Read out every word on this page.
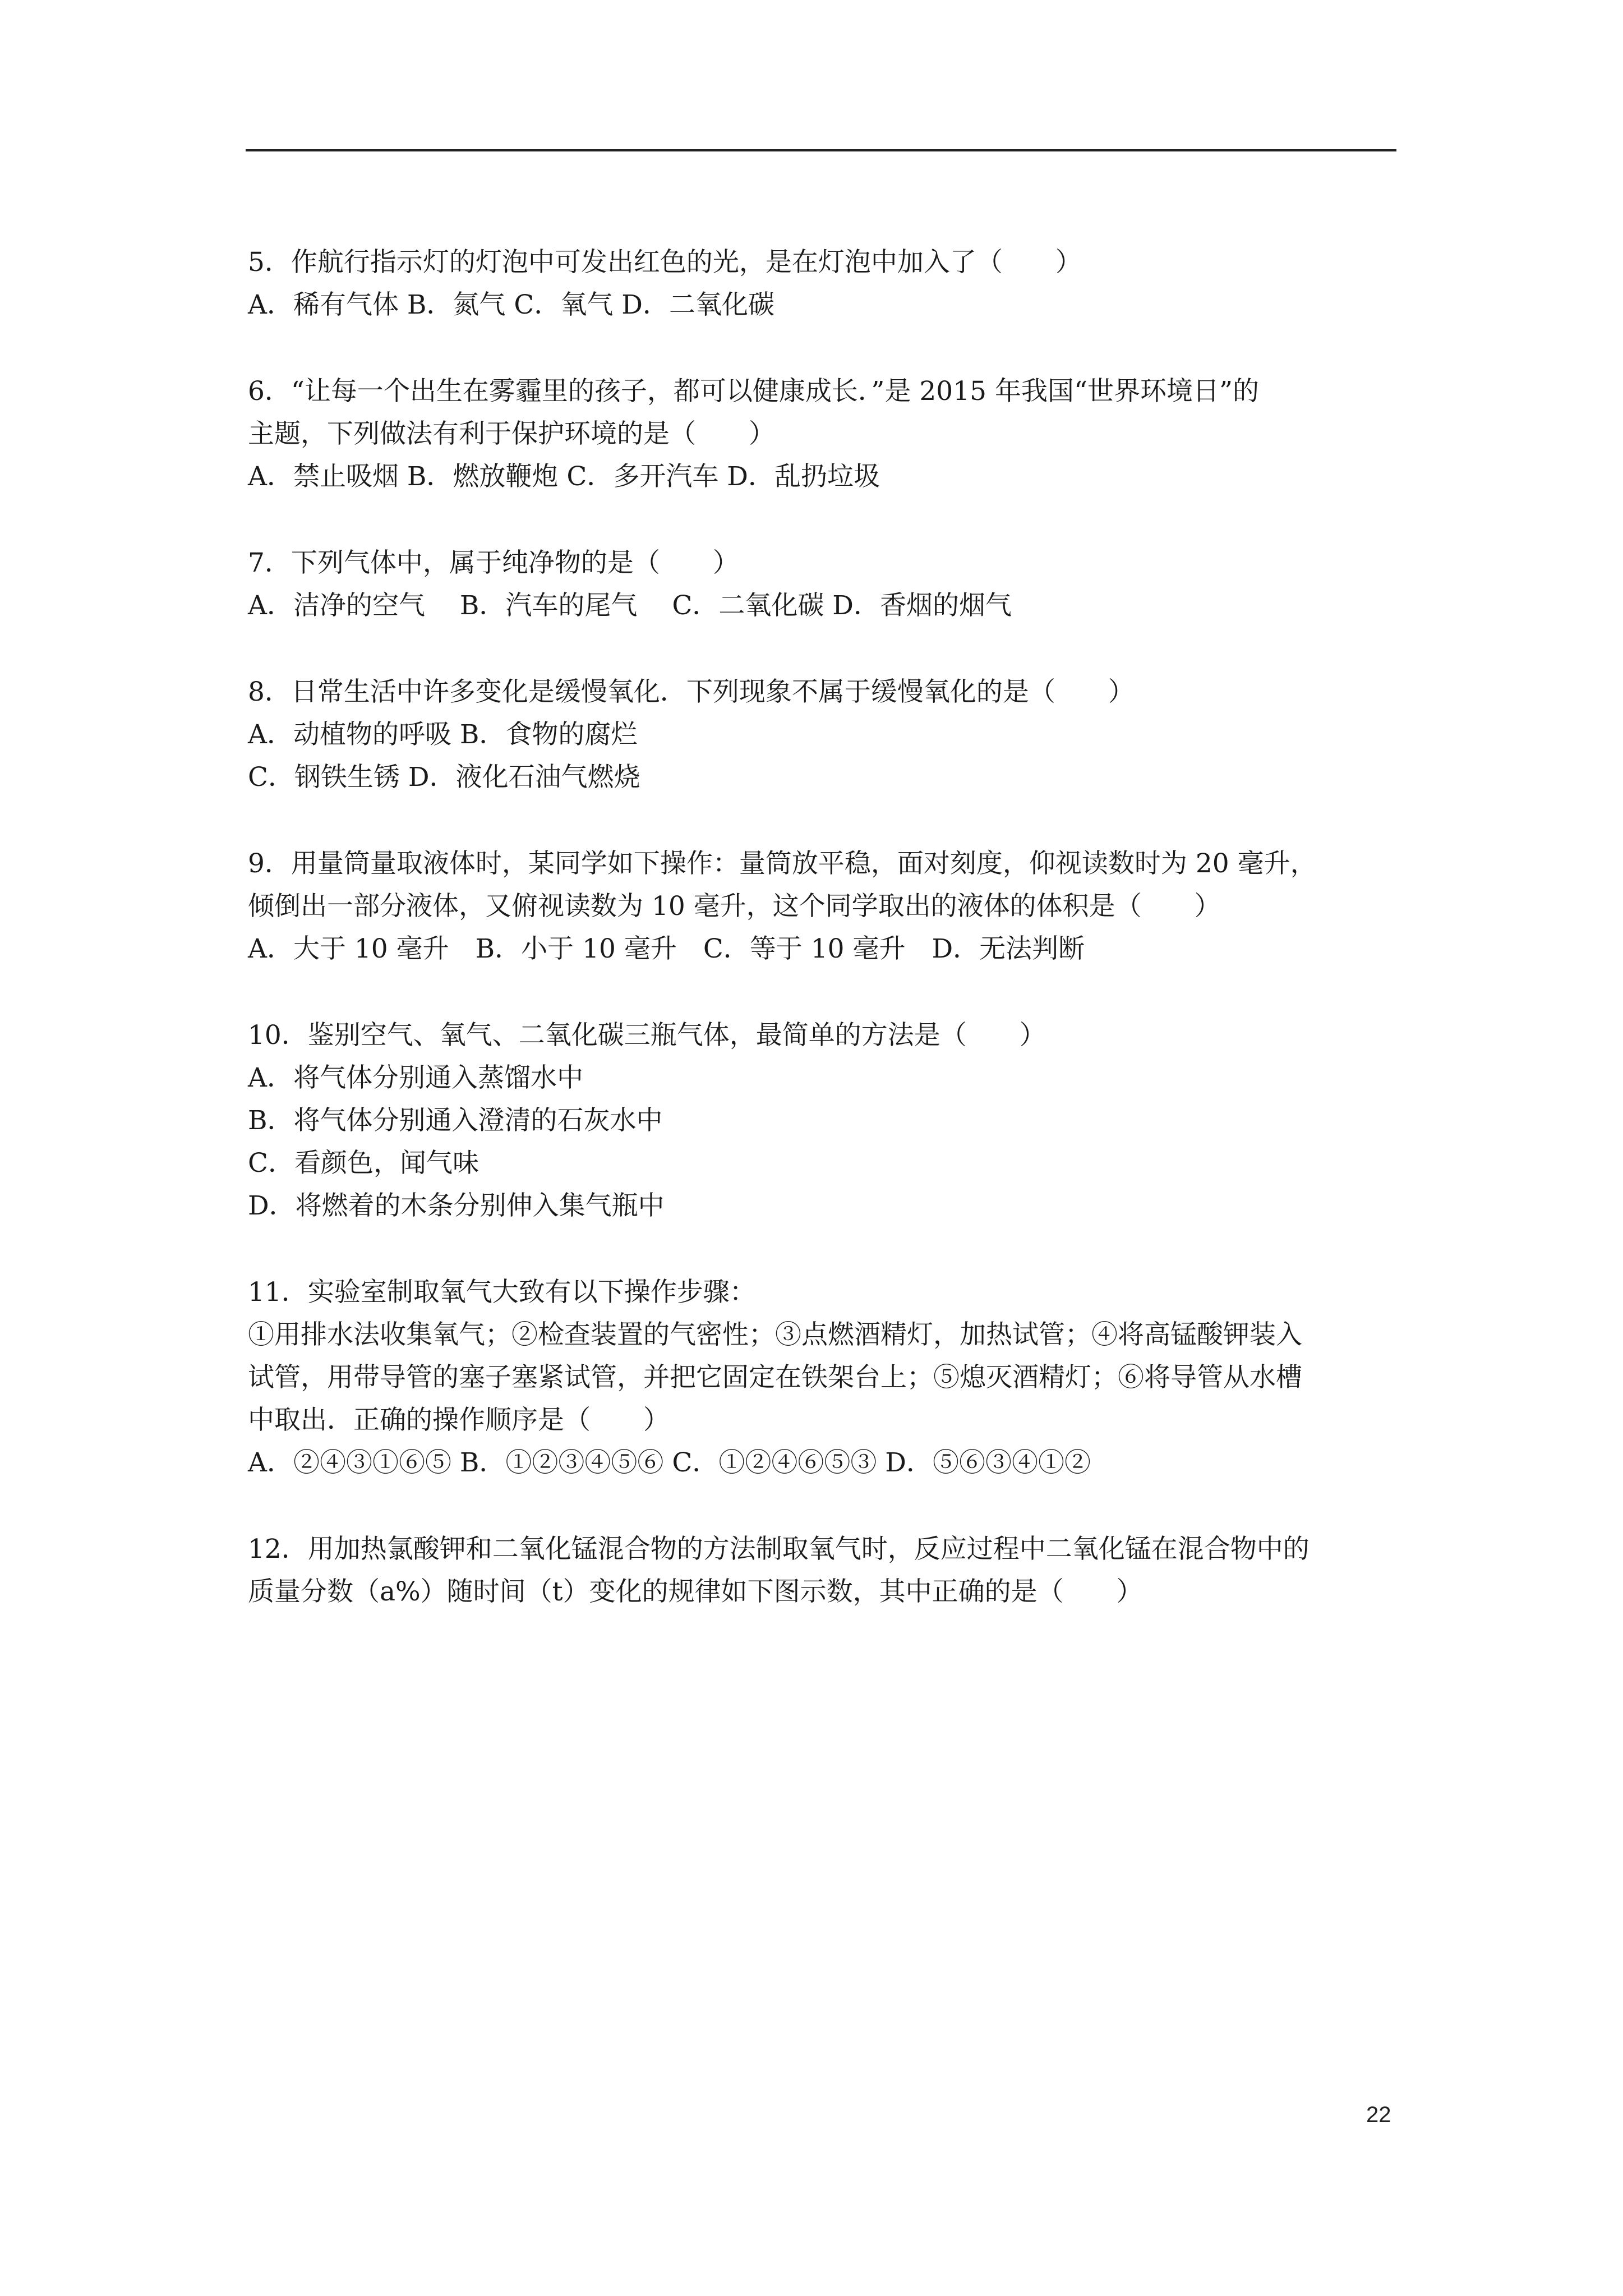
5．作航行指示灯的灯泡中可发出红色的光，是在灯泡中加入了（　　）
A．稀有气体 B．氮气 C．氧气 D．二氧化碳
6．“让每一个出生在雾霾里的孩子，都可以健康成长．”是 2015 年我国“世界环境日”的
主题，下列做法有利于保护环境的是（　　）
A．禁止吸烟 B．燃放鞭炮 C．多开汽车 D．乱扔垃圾
7．下列气体中，属于纯净物的是（　　）
A．洁净的空气　 B．汽车的尾气　 C．二氧化碳 D．香烟的烟气
8．日常生活中许多变化是缓慢氧化．下列现象不属于缓慢氧化的是（　　）
A．动植物的呼吸 B．食物的腐烂
C．钢铁生锈 D．液化石油气燃烧
9．用量筒量取液体时，某同学如下操作：量筒放平稳，面对刻度，仰视读数时为 20 毫升，
倾倒出一部分液体，又俯视读数为 10 毫升，这个同学取出的液体的体积是（　　）
A．大于 10 毫升　B．小于 10 毫升　C．等于 10 毫升　D．无法判断
10．鉴别空气、氧气、二氧化碳三瓶气体，最简单的方法是（　　）
A．将气体分别通入蒸馏水中
B．将气体分别通入澄清的石灰水中
C．看颜色，闻气味
D．将燃着的木条分别伸入集气瓶中
11．实验室制取氧气大致有以下操作步骤：
①用排水法收集氧气；②检查装置的气密性；③点燃酒精灯，加热试管；④将高锰酸钾装入
试管，用带导管的塞子塞紧试管，并把它固定在铁架台上；⑤熄灭酒精灯；⑥将导管从水槽
中取出．正确的操作顺序是（　　）
A．②④③①⑥⑤ B．①②③④⑤⑥ C．①②④⑥⑤③ D．⑤⑥③④①②
12．用加热氯酸钾和二氧化锰混合物的方法制取氧气时，反应过程中二氧化锰在混合物中的
质量分数（a%）随时间（t）变化的规律如下图示数，其中正确的是（　　）
22
